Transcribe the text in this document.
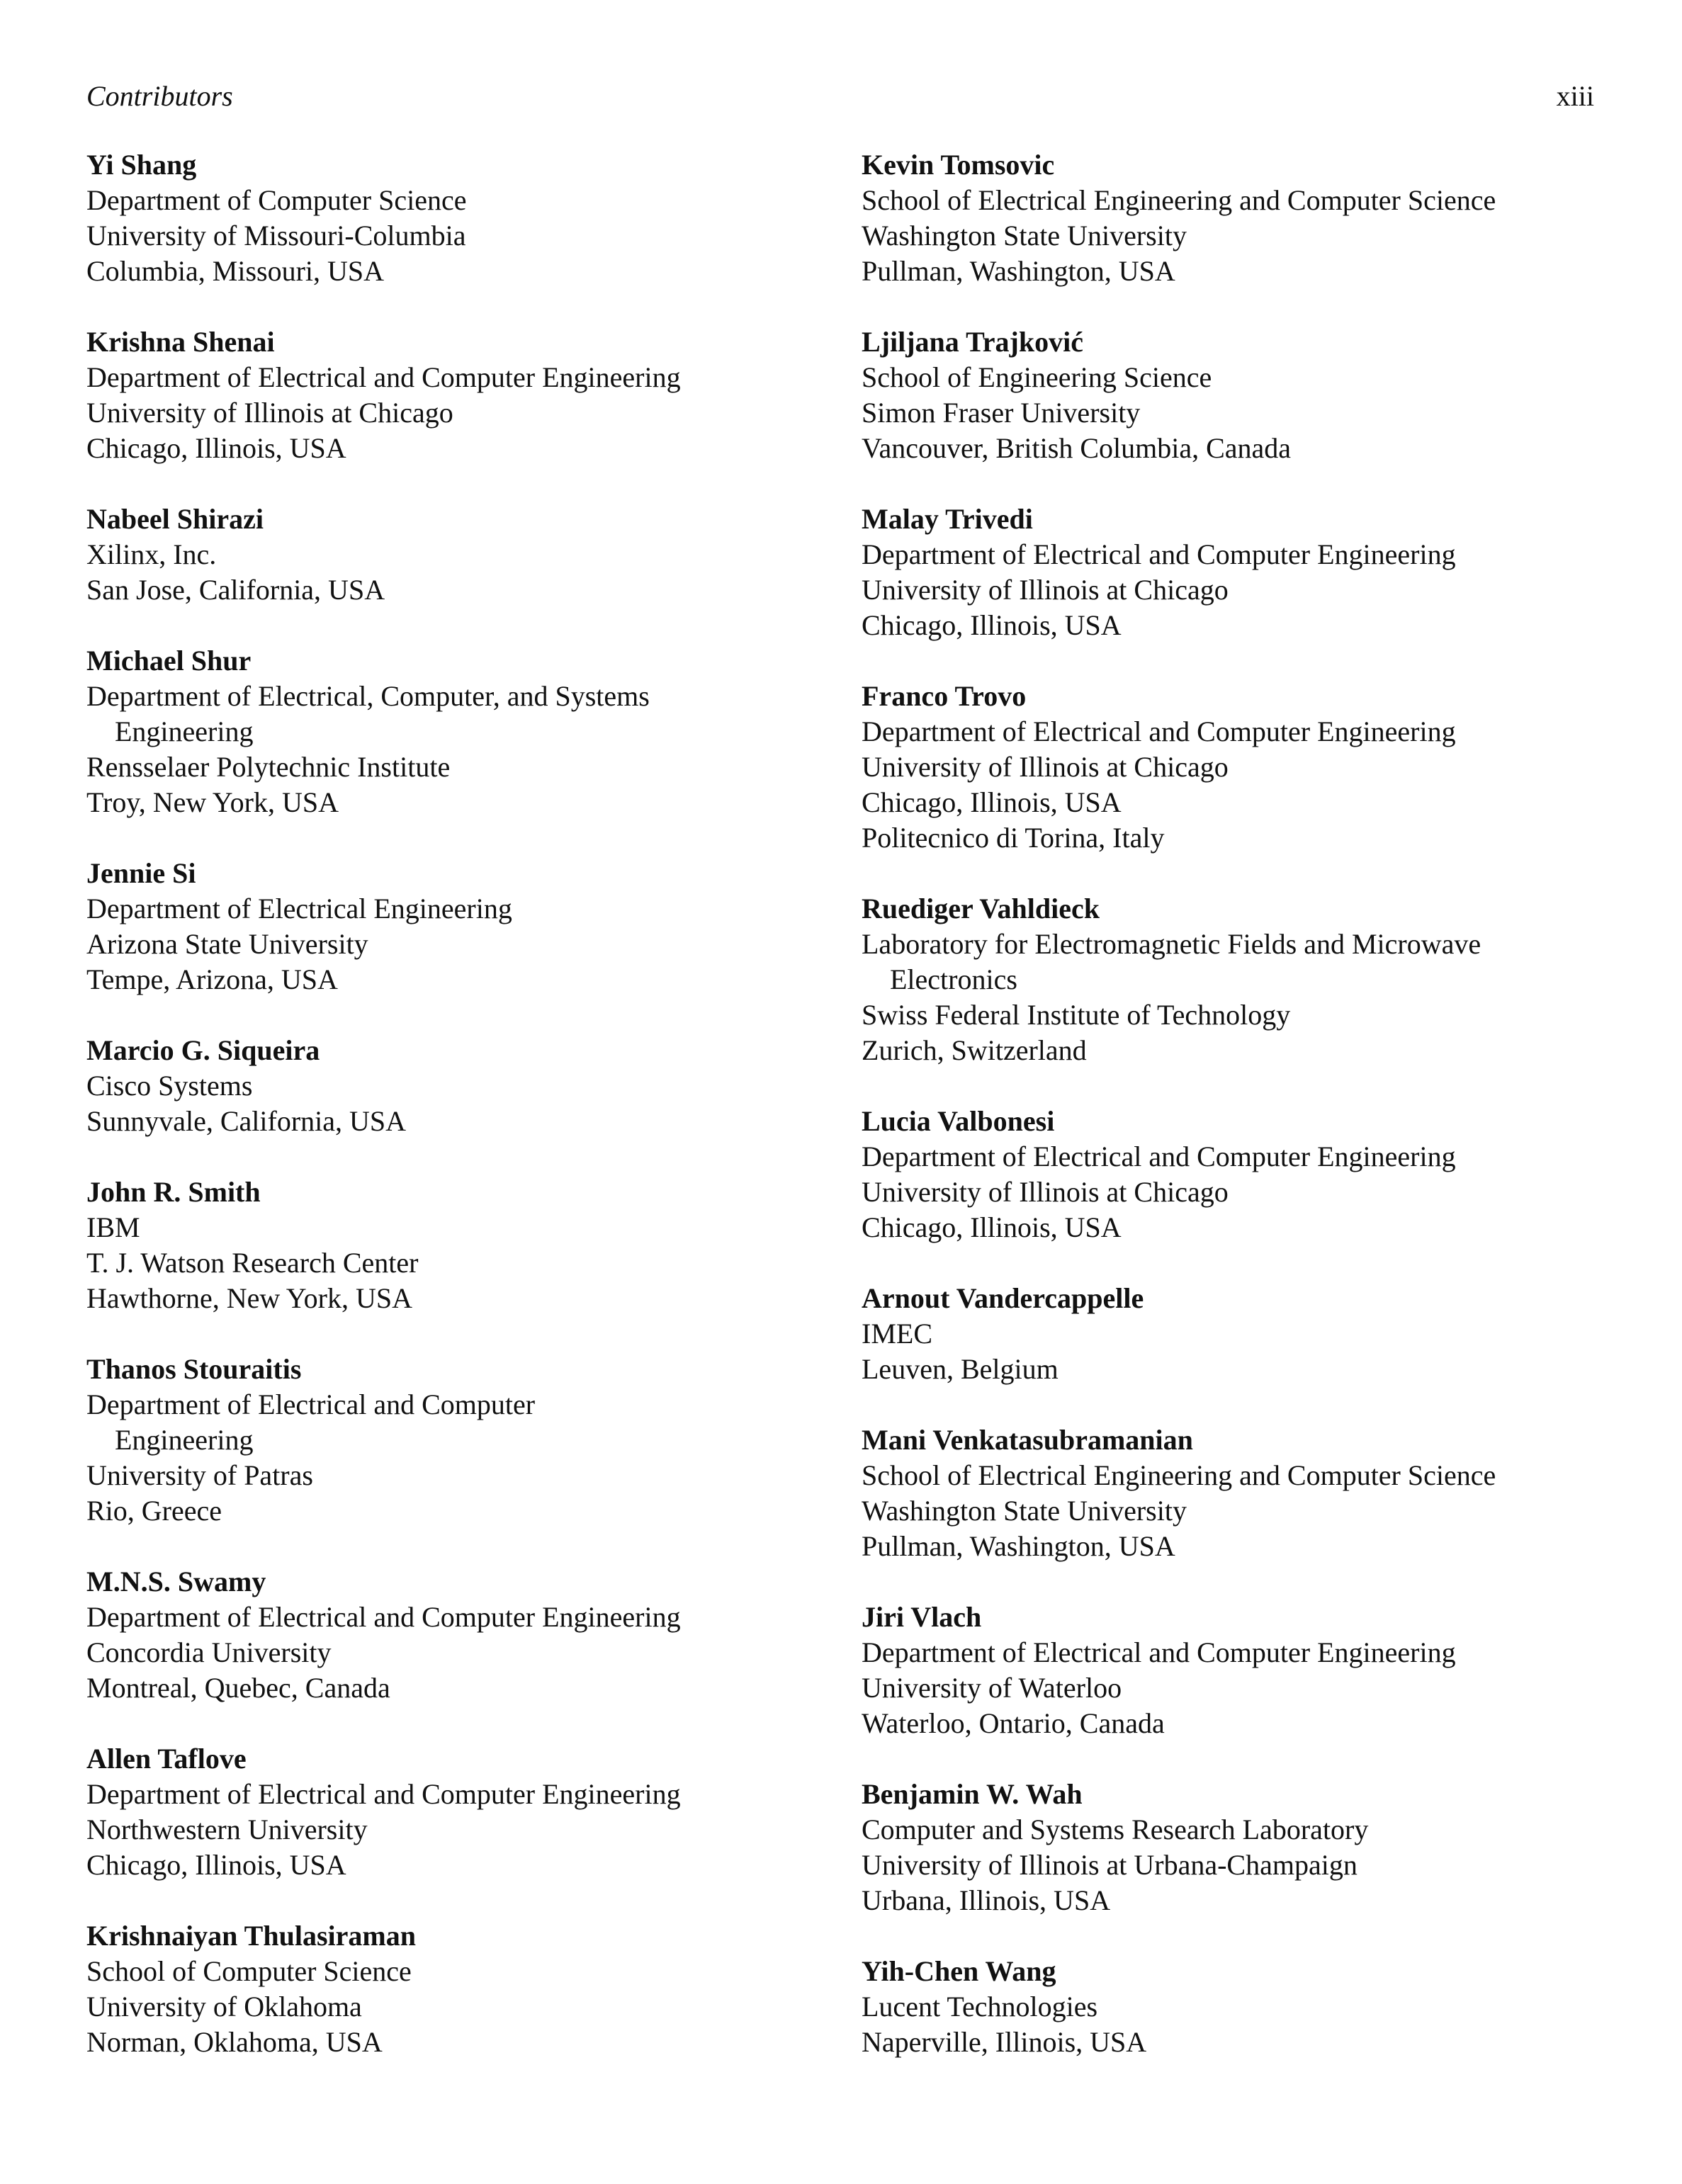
Contributors	xiii
Yi Shang
Department of Computer Science
University of Missouri-Columbia
Columbia, Missouri, USA
Krishna Shenai
Department of Electrical and Computer Engineering
University of Illinois at Chicago
Chicago, Illinois, USA
Nabeel Shirazi
Xilinx, Inc.
San Jose, California, USA
Michael Shur
Department of Electrical, Computer, and Systems
Engineering
Rensselaer Polytechnic Institute
Troy, New York, USA
Jennie Si
Department of Electrical Engineering
Arizona State University
Tempe, Arizona, USA
Marcio G. Siqueira
Cisco Systems
Sunnyvale, California, USA
John R. Smith
IBM
T. J. Watson Research Center
Hawthorne, New York, USA
Thanos Stouraitis
Department of Electrical and Computer
Engineering
University of Patras
Rio, Greece
M.N.S. Swamy
Department of Electrical and Computer Engineering
Concordia University
Montreal, Quebec, Canada
Allen Taflove
Department of Electrical and Computer Engineering
Northwestern University
Chicago, Illinois, USA
Krishnaiyan Thulasiraman
School of Computer Science
University of Oklahoma
Norman, Oklahoma, USA
Kevin Tomsovic
School of Electrical Engineering and Computer Science
Washington State University
Pullman, Washington, USA
Ljiljana Trajković
School of Engineering Science
Simon Fraser University
Vancouver, British Columbia, Canada
Malay Trivedi
Department of Electrical and Computer Engineering
University of Illinois at Chicago
Chicago, Illinois, USA
Franco Trovo
Department of Electrical and Computer Engineering
University of Illinois at Chicago
Chicago, Illinois, USA
Politecnico di Torina, Italy
Ruediger Vahldieck
Laboratory for Electromagnetic Fields and Microwave
Electronics
Swiss Federal Institute of Technology
Zurich, Switzerland
Lucia Valbonesi
Department of Electrical and Computer Engineering
University of Illinois at Chicago
Chicago, Illinois, USA
Arnout Vandercappelle
IMEC
Leuven, Belgium
Mani Venkatasubramanian
School of Electrical Engineering and Computer Science
Washington State University
Pullman, Washington, USA
Jiri Vlach
Department of Electrical and Computer Engineering
University of Waterloo
Waterloo, Ontario, Canada
Benjamin W. Wah
Computer and Systems Research Laboratory
University of Illinois at Urbana-Champaign
Urbana, Illinois, USA
Yih-Chen Wang
Lucent Technologies
Naperville, Illinois, USA
